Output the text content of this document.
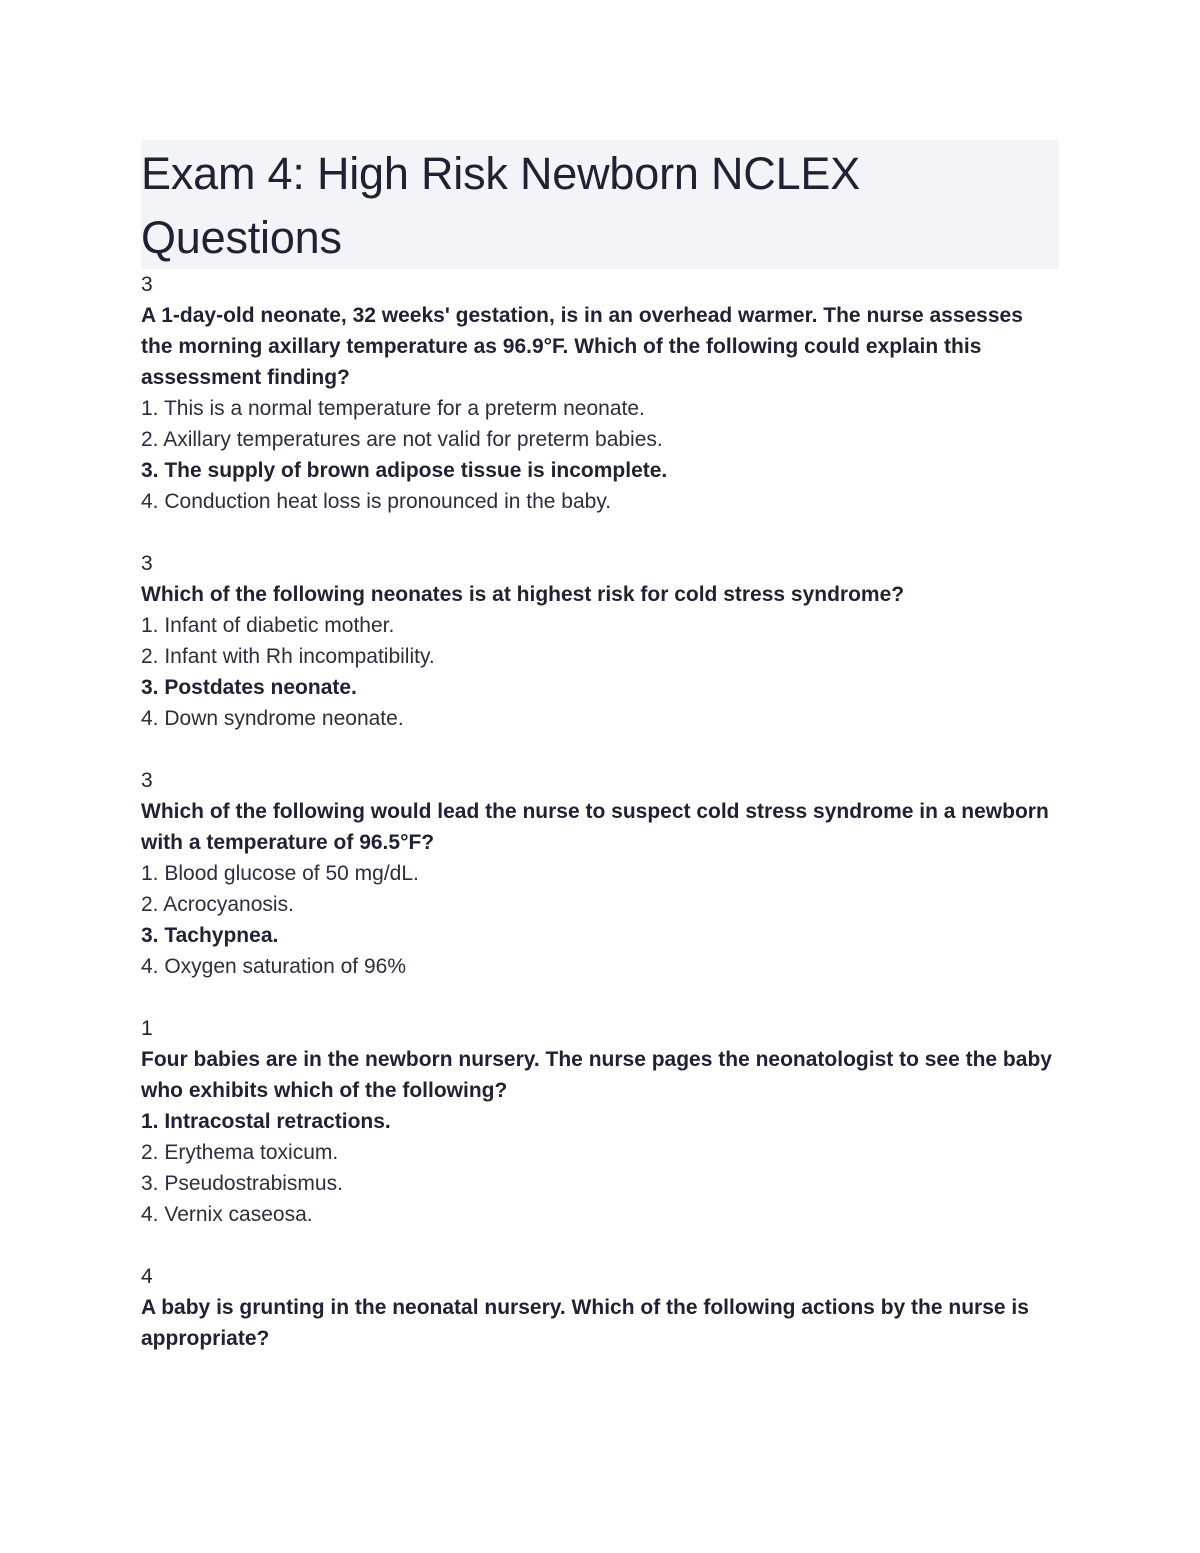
Exam 4: High Risk Newborn NCLEX Questions
3
A 1-day-old neonate, 32 weeks' gestation, is in an overhead warmer. The nurse assesses the morning axillary temperature as 96.9°F. Which of the following could explain this assessment finding?
1. This is a normal temperature for a preterm neonate.
2. Axillary temperatures are not valid for preterm babies.
3. The supply of brown adipose tissue is incomplete.
4. Conduction heat loss is pronounced in the baby.
3
Which of the following neonates is at highest risk for cold stress syndrome?
1. Infant of diabetic mother.
2. Infant with Rh incompatibility.
3. Postdates neonate.
4. Down syndrome neonate.
3
Which of the following would lead the nurse to suspect cold stress syndrome in a newborn with a temperature of 96.5°F?
1. Blood glucose of 50 mg/dL.
2. Acrocyanosis.
3. Tachypnea.
4. Oxygen saturation of 96%
1
Four babies are in the newborn nursery. The nurse pages the neonatologist to see the baby who exhibits which of the following?
1. Intracostal retractions.
2. Erythema toxicum.
3. Pseudostrabismus.
4. Vernix caseosa.
4
A baby is grunting in the neonatal nursery. Which of the following actions by the nurse is appropriate?
